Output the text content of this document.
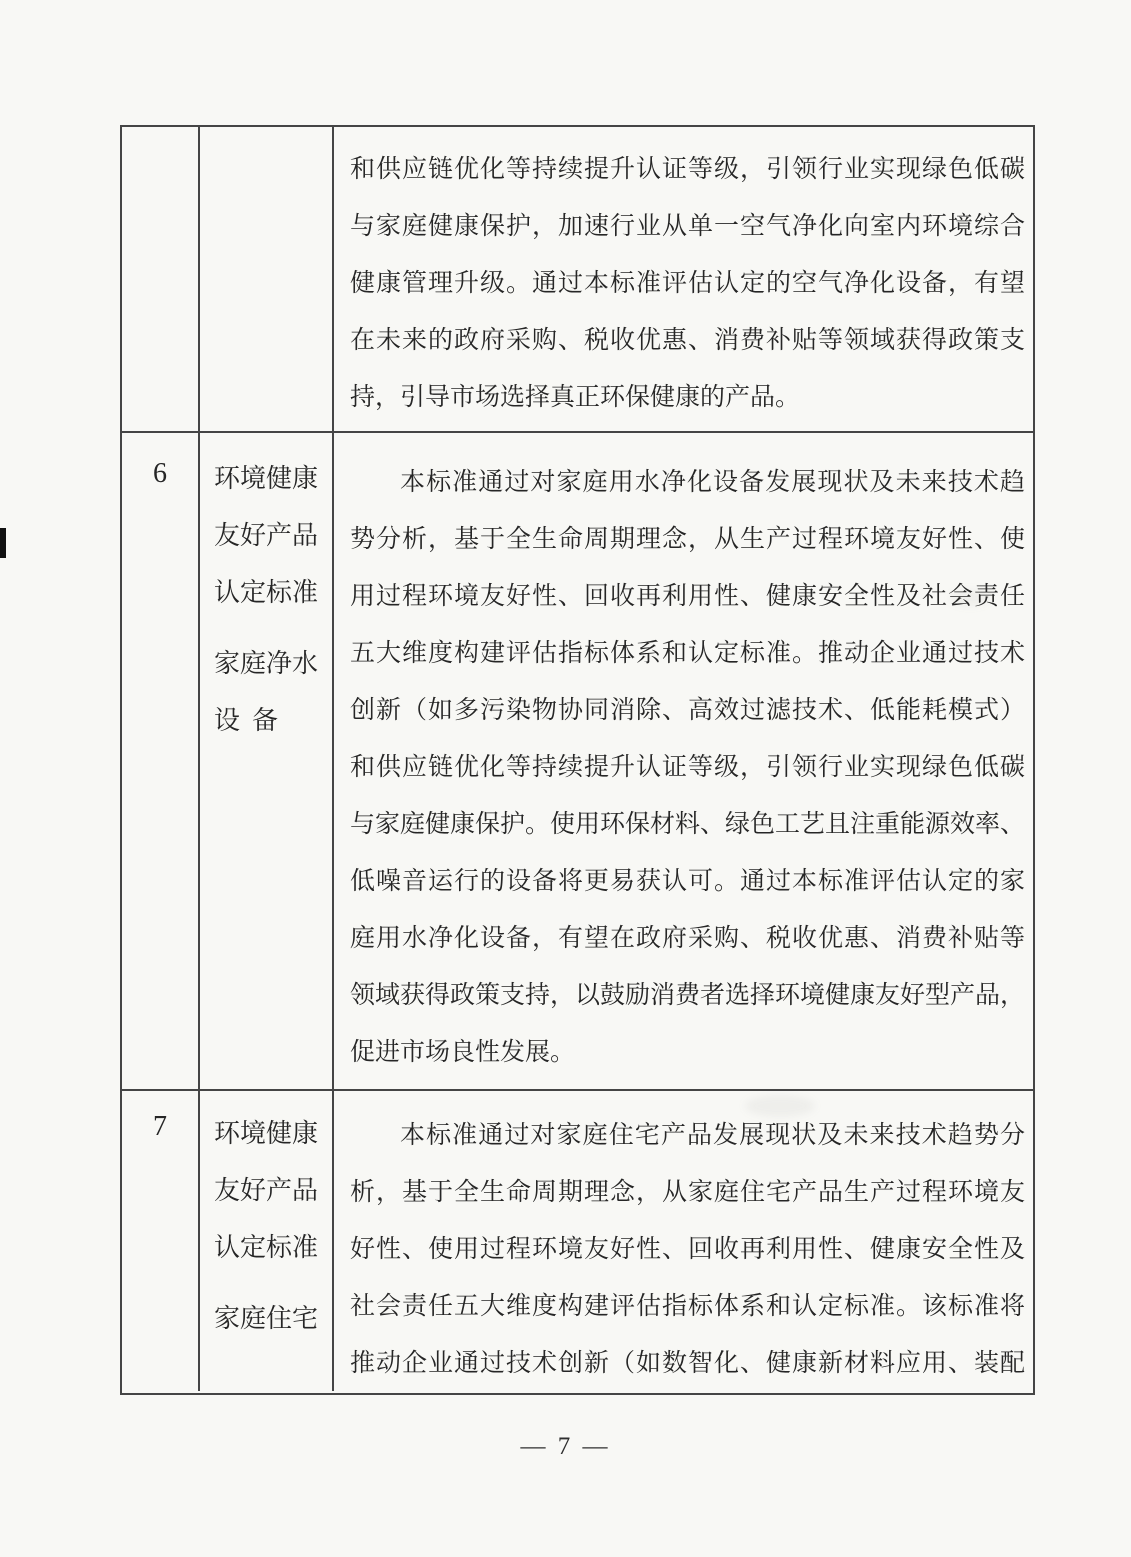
和供应链优化等持续提升认证等级，引领行业实现绿色低碳
与家庭健康保护，加速行业从单一空气净化向室内环境综合
健康管理升级。通过本标准评估认定的空气净化设备，有望
在未来的政府采购、税收优惠、消费补贴等领域获得政策支
持，引导市场选择真正环保健康的产品。
6	环境健康
友好产品
认定标准
家庭净水
设备
本标准通过对家庭用水净化设备发展现状及未来技术趋
势分析，基于全生命周期理念，从生产过程环境友好性、使
用过程环境友好性、回收再利用性、健康安全性及社会责任
五大维度构建评估指标体系和认定标准。推动企业通过技术
创新（如多污染物协同消除、高效过滤技术、低能耗模式）
和供应链优化等持续提升认证等级，引领行业实现绿色低碳
与家庭健康保护。使用环保材料、绿色工艺且注重能源效率、
低噪音运行的设备将更易获认可。通过本标准评估认定的家
庭用水净化设备，有望在政府采购、税收优惠、消费补贴等
领域获得政策支持，以鼓励消费者选择环境健康友好型产品，
促进市场良性发展。
7	环境健康
友好产品
认定标准
家庭住宅
本标准通过对家庭住宅产品发展现状及未来技术趋势分
析，基于全生命周期理念，从家庭住宅产品生产过程环境友
好性、使用过程环境友好性、回收再利用性、健康安全性及
社会责任五大维度构建评估指标体系和认定标准。该标准将
推动企业通过技术创新（如数智化、健康新材料应用、装配
— 7 —
